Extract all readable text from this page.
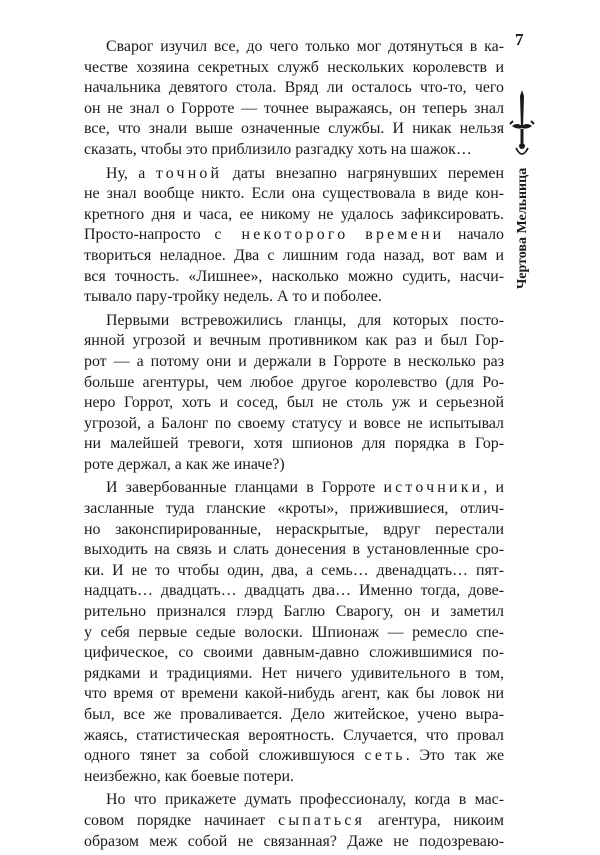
Сварог изучил все, до чего только мог дотянуться в ка-
честве хозяина секретных служб нескольких королевств и
начальника девятого стола. Вряд ли осталось что-то, чего
он не знал о Горроте — точнее выражаясь, он теперь знал
все, что знали выше означенные службы. И никак нельзя
сказать, чтобы это приблизило разгадку хоть на шажок…
Ну, а точной даты внезапно нагрянувших перемен
не знал вообще никто. Если она существовала в виде кон-
кретного дня и часа, ее никому не удалось зафиксировать.
Просто-напросто с некоторого времени начало
твориться неладное. Два с лишним года назад, вот вам и
вся точность. «Лишнее», насколько можно судить, насчи-
тывало пару-тройку недель. А то и поболее.
Первыми встревожились гланцы, для которых посто-
янной угрозой и вечным противником как раз и был Гор-
рот — а потому они и держали в Горроте в несколько раз
больше агентуры, чем любое другое королевство (для Ро-
неро Горрот, хоть и сосед, был не столь уж и серьезной
угрозой, а Балонг по своему статусу и вовсе не испытывал
ни малейшей тревоги, хотя шпионов для порядка в Гор-
роте держал, а как же иначе?)
И завербованные гланцами в Горроте источники, и
засланные туда гланские «кроты», прижившиеся, отлич-
но законспирированные, нераскрытые, вдруг перестали
выходить на связь и слать донесения в установленные сро-
ки. И не то чтобы один, два, а семь… двенадцать… пят-
надцать… двадцать… двадцать два… Именно тогда, дове-
рительно признался глэрд Баглю Сварогу, он и заметил
у себя первые седые волоски. Шпионаж — ремесло спе-
цифическое, со своими давным-давно сложившимися по-
рядками и традициями. Нет ничего удивительного в том,
что время от времени какой-нибудь агент, как бы ловок ни
был, все же проваливается. Дело житейское, учено выра-
жаясь, статистическая вероятность. Случается, что провал
одного тянет за собой сложившуюся сеть. Это так же
неизбежно, как боевые потери.
Но что прикажете думать профессионалу, когда в мас-
совом порядке начинает сыпаться агентура, никоим
образом меж собой не связанная? Даже не подозреваю-
7
Чертова Мельница
